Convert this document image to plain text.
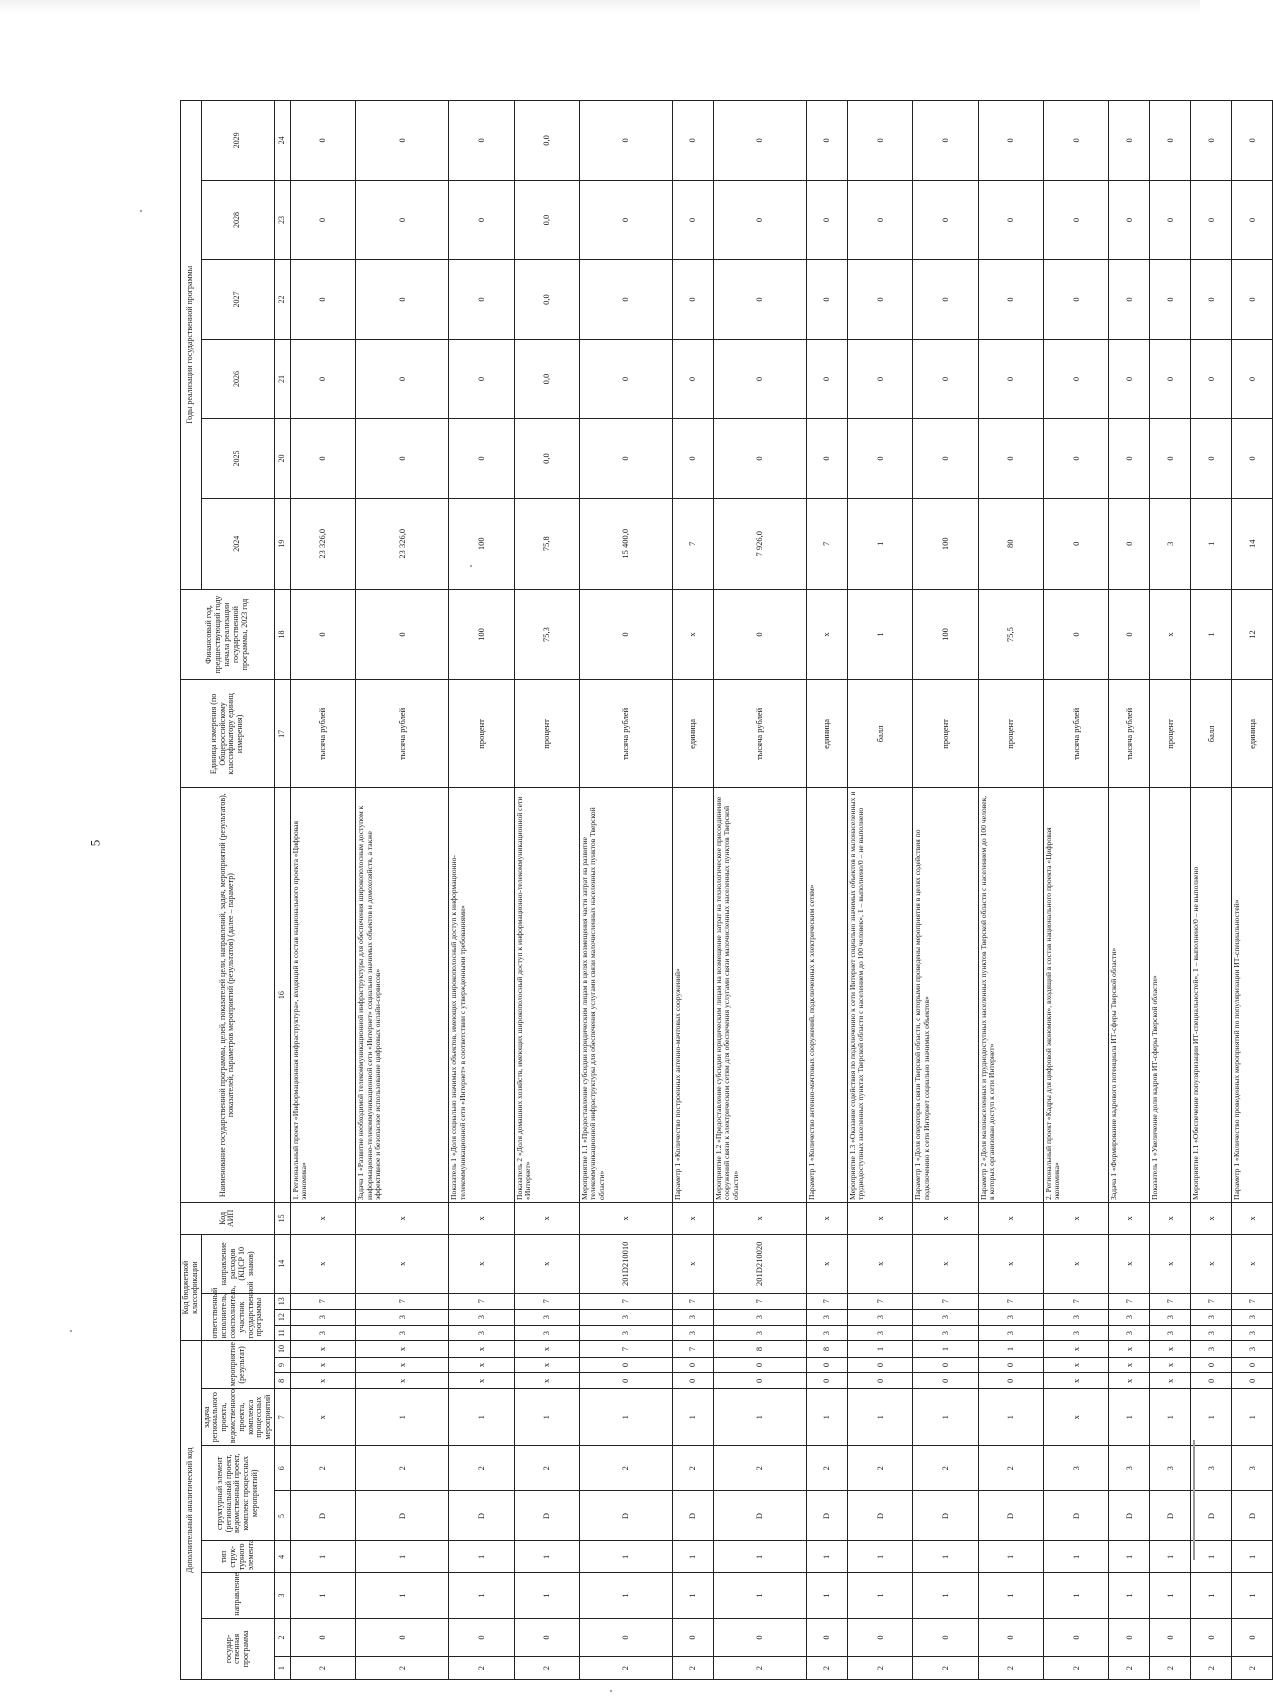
5
Дополнительный аналитический код										Код бюджетной классификации				Код АИП	Наименование государственной программы, целей, показателей цели, направлений, задач, мероприятий (результатов), показателей, параметров мероприятий (результатов) (далее – параметр)	Единица измерения (по Общероссийскому классификатору единиц измерения)	Финансовый год, предшествующий году начала реализации государственной программы, 2023 год	Годы реализации государственной программы					
государ-ственная программа		направление	тип струк-турного элемента	структурный элемент (региональный проект, ведомственный проект, комплекс процессных мероприятий)		задача регионального проекта, ведомственного проекта, комплекса процессных мероприятий	мероприятие (результат)			ответственный исполнитель, соисполнитель, участник государственной программы			направление расходов (КЦСР 10 знаков)					2024	2025	2026	2027	2028	2029

1	2	3	4	5	6	7	8	9	10	11	12	13	14	15	16	17	18	19	20	21	22	23	24
2	0	1	1	D	2	х	х	х	х	3	3	7	х	х	1. Региональный проект «Информационная инфраструктура», входящий в состав национального проекта «Цифровая экономика»	тысяча рублей	0	23 326,0	0	0	0	0	0
2	0	1	1	D	2	1	х	х	х	3	3	7	х	х	Задача 1 «Развитие необходимой телекоммуникационной инфраструктуры для обеспечения широкополосным доступом к информационно-телекоммуникационной сети «Интернет» социально значимых объектов и домохозяйств, а также эффективное и безопасное использование цифровых онлайн-сервисов»	тысяча рублей	0	23 326,0	0	0	0	0	0
2	0	1	1	D	2	1	х	х	х	3	3	7	х	х	Показатель 1 «Доля социально значимых объектов, имеющих широкополосный доступ к информационно-телекоммуникационной сети «Интернет» в соответствии с утвержденными требованиями»	процент	100	100	0	0	0	0	0
2	0	1	1	D	2	1	х	х	х	3	3	7	х	х	Показатель 2 «Доля домашних хозяйств, имеющих широкополосный доступ к информационно-телекоммуникационной сети «Интернет»	процент	75,3	75,8	0,0	0,0	0,0	0,0	0,0
2	0	1	1	D	2	1	0	0	7	3	3	7	201D210010	х	Мероприятие 1.1 «Предоставление субсидии юридическим лицам в целях возмещения части затрат на развитие телекоммуникационной инфраструктуры для обеспечения услугами связи малочисленных населенных пунктов Тверской области»	тысяча рублей	0	15 400,0	0	0	0	0	0
2	0	1	1	D	2	1	0	0	7	3	3	7	х	х	Параметр 1 «Количество построенных антенно-мачтовых сооружений»	единица	х	7	0	0	0	0	0
2	0	1	1	D	2	1	0	0	8	3	3	7	201D210020	х	Мероприятие 1.2 «Предоставление субсидии юридическим лицам на возмещение затрат на технологическое присоединение сооружений связи к электрическим сетям для обеспечения услугами связи малочисленных населенных пунктов Тверской области»	тысяча рублей	0	7 926,0	0	0	0	0	0
2	0	1	1	D	2	1	0	0	8	3	3	7	х	х	Параметр 1 «Количество антенно-мачтовых сооружений, подключенных к электрическим сетям»	единица	х	7	0	0	0	0	0
2	0	1	1	D	2	1	0	0	1	3	3	7	х	х	Мероприятие 1.3 «Оказание содействия по подключению к сети Интернет социально значимых объектов в малонаселенных и труднодоступных населенных пунктах Тверской области с населением до 100 человек», 1 – выполнено/0 – не выполнено	балл	1	1	0	0	0	0	0
2	0	1	1	D	2	1	0	0	1	3	3	7	х	х	Параметр 1 «Доля операторов связи Тверской области, с которыми проведены мероприятия в целях содействия по подключению к сети Интернет социально значимых объектов»	процент	100	100	0	0	0	0	0
2	0	1	1	D	2	1	0	0	1	3	3	7	х	х	Параметр 2 «Доля малонаселенных и труднодоступных населенных пунктов Тверской области с населением до 100 человек, в которых организован доступ к сети Интернет»	процент	75,5	80	0	0	0	0	0
2	0	1	1	D	3	х	х	х	х	3	3	7	х	х	2. Региональный проект «Кадры для цифровой экономики», входящий в состав национального проекта «Цифровая экономика»	тысяча рублей	0	0	0	0	0	0	0
2	0	1	1	D	3	1	х	х	х	3	3	7	х	х	Задача 1 «Формирование кадрового потенциала ИТ-сферы Тверской области»	тысяча рублей	0	0	0	0	0	0	0
2	0	1	1	D	3	1	х	х	х	3	3	7	х	х	Показатель 1 «Увеличение доли кадров ИТ-сферы Тверской области»	процент	х	3	0	0	0	0	0
2	0	1	1	D	3	1	0	0	3	3	3	7	х	х	Мероприятие 1.1 «Обеспечение популяризации ИТ-специальностей», 1 – выполнено/0 – не выполнено	балл	1	1	0	0	0	0	0
2	0	1	1	D	3	1	0	0	3	3	3	7	х	х	Параметр 1 «Количество проведенных мероприятий по популяризации ИТ-специальностей»	единица	12	14	0	0	0	0	0
